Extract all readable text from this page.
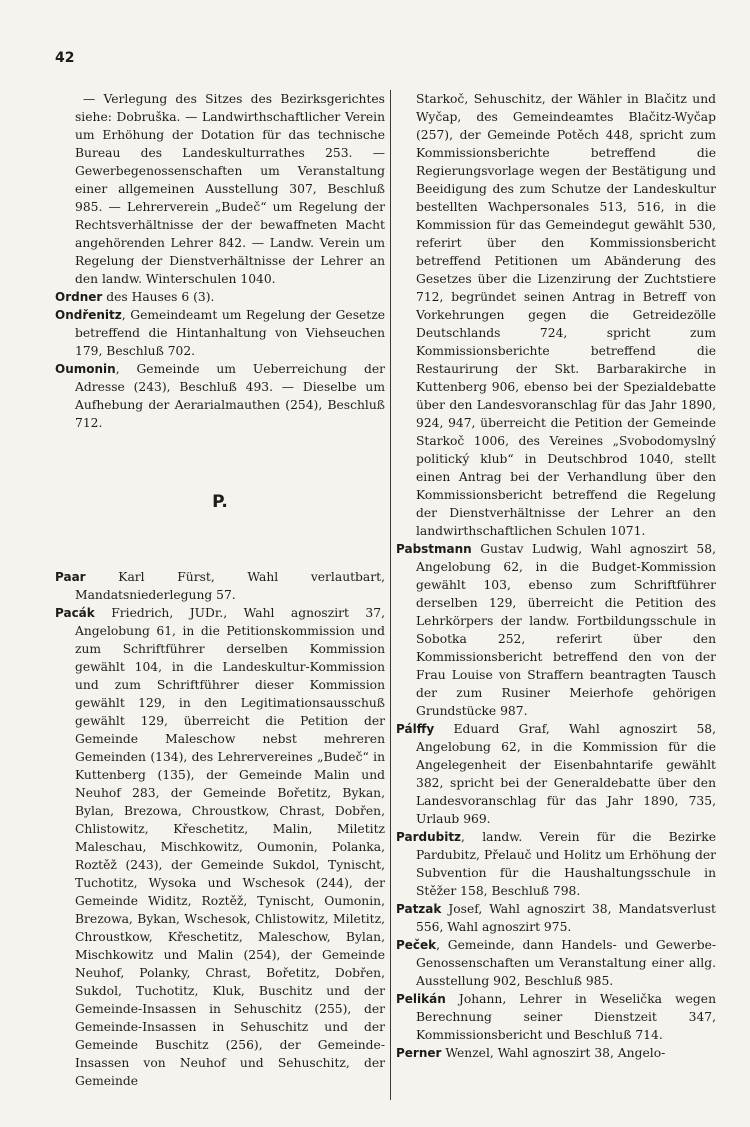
42

— Verlegung des Sitzes des Bezirksgerichtes siehe: Dobruška. — Landwirthschaftlicher Verein um Erhöhung der Dotation für das technische Bureau des Landeskulturrathes 253. — Gewerbegenossenschaften um Veranstaltung einer allgemeinen Ausstellung 307, Beschluß 985. — Lehrerverein „Budeč“ um Regelung der Rechtsverhältnisse der der bewaffneten Macht angehörenden Lehrer 842. — Landw. Verein um Regelung der Dienstverhältnisse der Lehrer an den landw. Winterschulen 1040.

Ordner des Hauses 6 (3).

Ondřenitz, Gemeindeamt um Regelung der Gesetze betreffend die Hintanhaltung von Viehseuchen 179, Beschluß 702.

Oumonin, Gemeinde um Ueberreichung der Adresse (243), Beschluß 493. — Dieselbe um Aufhebung der Aerarialmauthen (254), Beschluß 712.

P.

Paar Karl Fürst, Wahl verlautbart, Mandatsniederlegung 57.

Pacák Friedrich, JUDr., Wahl agnoszirt 37, Angelobung 61, in die Petitionskommission und zum Schriftführer derselben Kommission gewählt 104, in die Landeskultur-Kommission und zum Schriftführer dieser Kommission gewählt 129, in den Legitimationsausschuß gewählt 129, überreicht die Petition der Gemeinde Maleschow nebst mehreren Gemeinden (134), des Lehrervereines „Budeč“ in Kuttenberg (135), der Gemeinde Malin und Neuhof 283, der Gemeinde Bořetitz, Bykan, Bylan, Brezowa, Chroustkow, Chrast, Dobřen, Chlistowitz, Křeschetitz, Malin, Miletitz Maleschau, Mischkowitz, Oumonin, Polanka, Roztěž (243), der Gemeinde Sukdol, Tynischt, Tuchotitz, Wysoka und Wschesok (244), der Gemeinde Widitz, Roztěž, Tynischt, Oumonin, Brezowa, Bykan, Wschesok, Chlistowitz, Miletitz, Chroustkow, Křeschetitz, Maleschow, Bylan, Mischkowitz und Malin (254), der Gemeinde Neuhof, Polanky, Chrast, Bořetitz, Dobřen, Sukdol, Tuchotitz, Kluk, Buschitz und der Gemeinde-Insassen in Sehuschitz (255), der Gemeinde-Insassen in Sehuschitz und der Gemeinde Buschitz (256), der Gemeinde-Insassen von Neuhof und Sehuschitz, der Gemeinde

Starkoč, Sehuschitz, der Wähler in Blačitz und Wyčap, des Gemeindeamtes Blačitz-Wyčap (257), der Gemeinde Potěch 448, spricht zum Kommissionsberichte betreffend die Regierungsvorlage wegen der Bestätigung und Beeidigung des zum Schutze der Landeskultur bestellten Wachpersonales 513, 516, in die Kommission für das Gemeindegut gewählt 530, referirt über den Kommissionsbericht betreffend Petitionen um Abänderung des Gesetzes über die Lizenzirung der Zuchtstiere 712, begründet seinen Antrag in Betreff von Vorkehrungen gegen die Getreidezölle Deutschlands 724, spricht zum Kommissionsberichte betreffend die Restaurirung der Skt. Barbarakirche in Kuttenberg 906, ebenso bei der Spezialdebatte über den Landesvoranschlag für das Jahr 1890, 924, 947, überreicht die Petition der Gemeinde Starkoč 1006, des Vereines „Svobodomyslný politický klub“ in Deutschbrod 1040, stellt einen Antrag bei der Verhandlung über den Kommissionsbericht betreffend die Regelung der Dienstverhältnisse der Lehrer an den landwirthschaftlichen Schulen 1071.

Pabstmann Gustav Ludwig, Wahl agnoszirt 58, Angelobung 62, in die Budget-Kommission gewählt 103, ebenso zum Schriftführer derselben 129, überreicht die Petition des Lehrkörpers der landw. Fortbildungsschule in Sobotka 252, referirt über den Kommissionsbericht betreffend den von der Frau Louise von Straffern beantragten Tausch der zum Rusiner Meierhofe gehörigen Grundstücke 987.

Pálffy Eduard Graf, Wahl agnoszirt 58, Angelobung 62, in die Kommission für die Angelegenheit der Eisenbahntarife gewählt 382, spricht bei der Generaldebatte über den Landesvoranschlag für das Jahr 1890, 735, Urlaub 969.

Pardubitz, landw. Verein für die Bezirke Pardubitz, Přelauč und Holitz um Erhöhung der Subvention für die Haushaltungsschule in Stěžer 158, Beschluß 798.

Patzak Josef, Wahl agnoszirt 38, Mandatsverlust 556, Wahl agnoszirt 975.

Peček, Gemeinde, dann Handels- und Gewerbe-Genossenschaften um Veranstaltung einer allg. Ausstellung 902, Beschluß 985.

Pelikán Johann, Lehrer in Weselička wegen Berechnung seiner Dienstzeit 347, Kommissionsbericht und Beschluß 714.

Perner Wenzel, Wahl agnoszirt 38, Angelo-
